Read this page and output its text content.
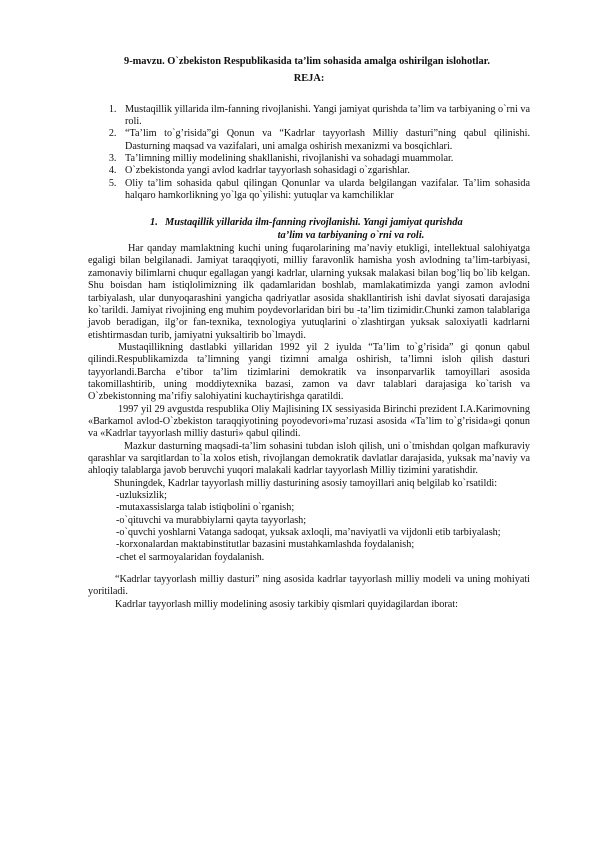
9-mavzu. O`zbekiston Respublikasida ta’lim sohasida amalga oshirilgan islohotlar.
REJA:
1. Mustaqillik yillarida ilm-fanning rivojlanishi. Yangi jamiyat qurishda ta’lim va tarbiyaning o`rni va roli.
2. “Ta’lim to`g’risida”gi Qonun va “Kadrlar tayyorlash Milliy dasturi”ning qabul qilinishi. Dasturning maqsad va vazifalari, uni amalga oshirish mexanizmi va bosqichlari.
3. Ta’limning milliy modelining shakllanishi, rivojlanishi va sohadagi muammolar.
4. O`zbekistonda yangi avlod kadrlar tayyorlash sohasidagi o`zgarishlar.
5. Oliy ta’lim sohasida qabul qilingan Qonunlar va ularda belgilangan vazifalar. Ta’lim sohasida halqaro hamkorlikning yo`lga qo`yilishi: yutuqlar va kamchiliklar
1. Mustaqillik yillarida ilm-fanning rivojlanishi. Yangi jamiyat qurishda
ta’lim va tarbiyaning o`rni va roli.

Har qanday mamlaktning kuchi uning fuqarolarining ma’naviy etukligi, intellektual salohiyatga egaligi bilan belgilanadi. Jamiyat taraqqiyoti, milliy faravonlik hamisha yosh avlodning ta’lim-tarbiyasi, zamonaviy bilimlarni chuqur egallagan yangi kadrlar, ularning yuksak malakasi bilan bog’liq bo`lib kelgan. Shu boisdan ham istiqlolimizning ilk qadamlaridan boshlab, mamlakatimizda yangi zamon avlodni tarbiyalash, ular dunyoqarashini yangicha qadriyatlar asosida shakllantirish ishi davlat siyosati darajasiga ko`tarildi. Jamiyat rivojining eng muhim poydevorlaridan biri bu -ta’lim tizimidir.Chunki zamon talablariga javob beradigan, ilg’or fan-texnika, texnologiya yutuqlarini o`zlashtirgan yuksak saloxiyatli kadrlarni etishtirmasdan turib, jamiyatni yuksaltirib bo`lmaydi.

Mustaqillikning dastlabki yillaridan 1992 yil 2 iyulda “Ta’lim to`g’risida” gi qonun qabul qilindi.Respublikamizda ta’limning yangi tizimni amalga oshirish, ta’limni isloh qilish dasturi tayyorlandi.Barcha e’tibor ta’lim tizimlarini demokratik va insonparvarlik tamoyillari asosida takomillashtirib, uning moddiytexnika bazasi, zamon va davr talablari darajasiga ko`tarish va O`zbekistonning ma’rifiy salohiyatini kuchaytirishga qaratildi.

1997 yil 29 avgustda respublika Oliy Majlisining IX sessiyasida Birinchi prezident I.A.Karimovning «Barkamol avlod-O`zbekiston taraqqiyotining poyodevori»ma’ruzasi asosida «Ta’lim to`g’risida»gi qonun va «Kadrlar tayyorlash milliy dasturi» qabul qilindi.

Mazkur dasturning maqsadi-ta’lim sohasini tubdan isloh qilish, uni o`tmishdan qolgan mafkuraviy qarashlar va sarqitlardan to`la xolos etish, rivojlangan demokratik davlatlar darajasida, yuksak ma’naviy va ahloqiy talablarga javob beruvchi yuqori malakali kadrlar tayyorlash Milliy tizimini yaratishdir.

Shuningdek, Kadrlar tayyorlash milliy dasturining asosiy tamoyillari aniq belgilab ko`rsatildi:

-uzluksizlik;

-mutaxassislarga talab istiqbolini o`rganish;

-o`qituvchi va murabbiylarni qayta tayyorlash;

-o`quvchi yoshlarni Vatanga sadoqat, yuksak axloqli, ma’naviyatli va vijdonli etib tarbiyalash;

-korxonalardan maktabinstitutlar bazasini mustahkamlashda foydalanish;

-chet el sarmoyalaridan foydalanish.

“Kadrlar tayyorlash milliy dasturi” ning asosida kadrlar tayyorlash milliy modeli va uning mohiyati yoritiladi.

Kadrlar tayyorlash milliy modelining asosiy tarkibiy qismlari quyidagilardan iborat:
